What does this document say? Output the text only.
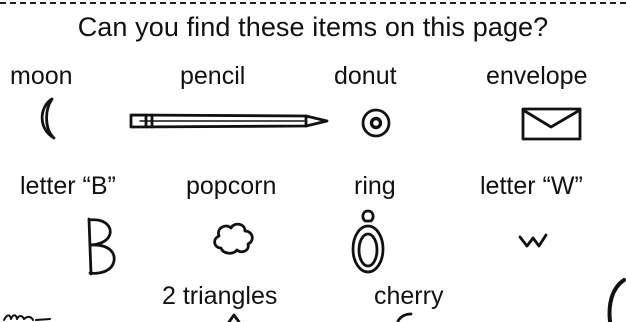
Can you find these items on this page?
moon	pencil	donut	envelope
letter “B”	popcorn	ring	letter “W”
2 triangles	cherry
